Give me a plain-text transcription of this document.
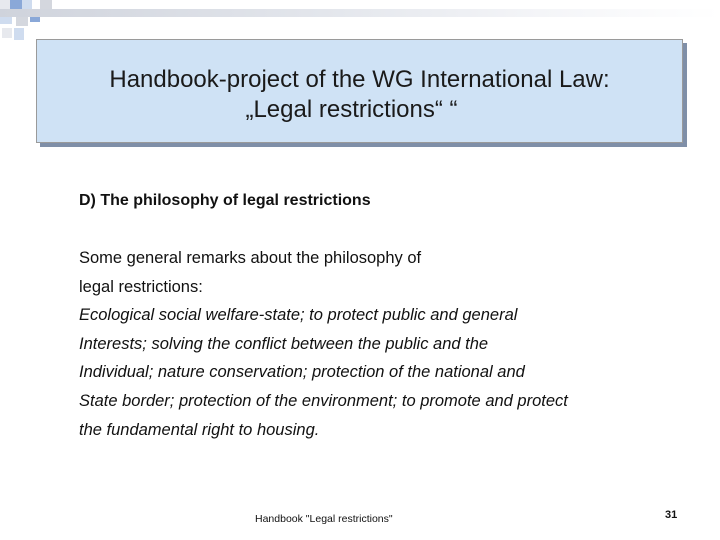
Handbook-project of the WG International Law:
„Legal restrictions“ “
D) The philosophy of legal restrictions
Some general remarks about the philosophy of
legal restrictions:
Ecological social welfare-state; to protect public and general
Interests; solving the conflict between the public and the
Individual; nature conservation; protection of the national and
State border; protection of the environment; to promote and protect
the fundamental right to housing.
Handbook "Legal restrictions"	31
